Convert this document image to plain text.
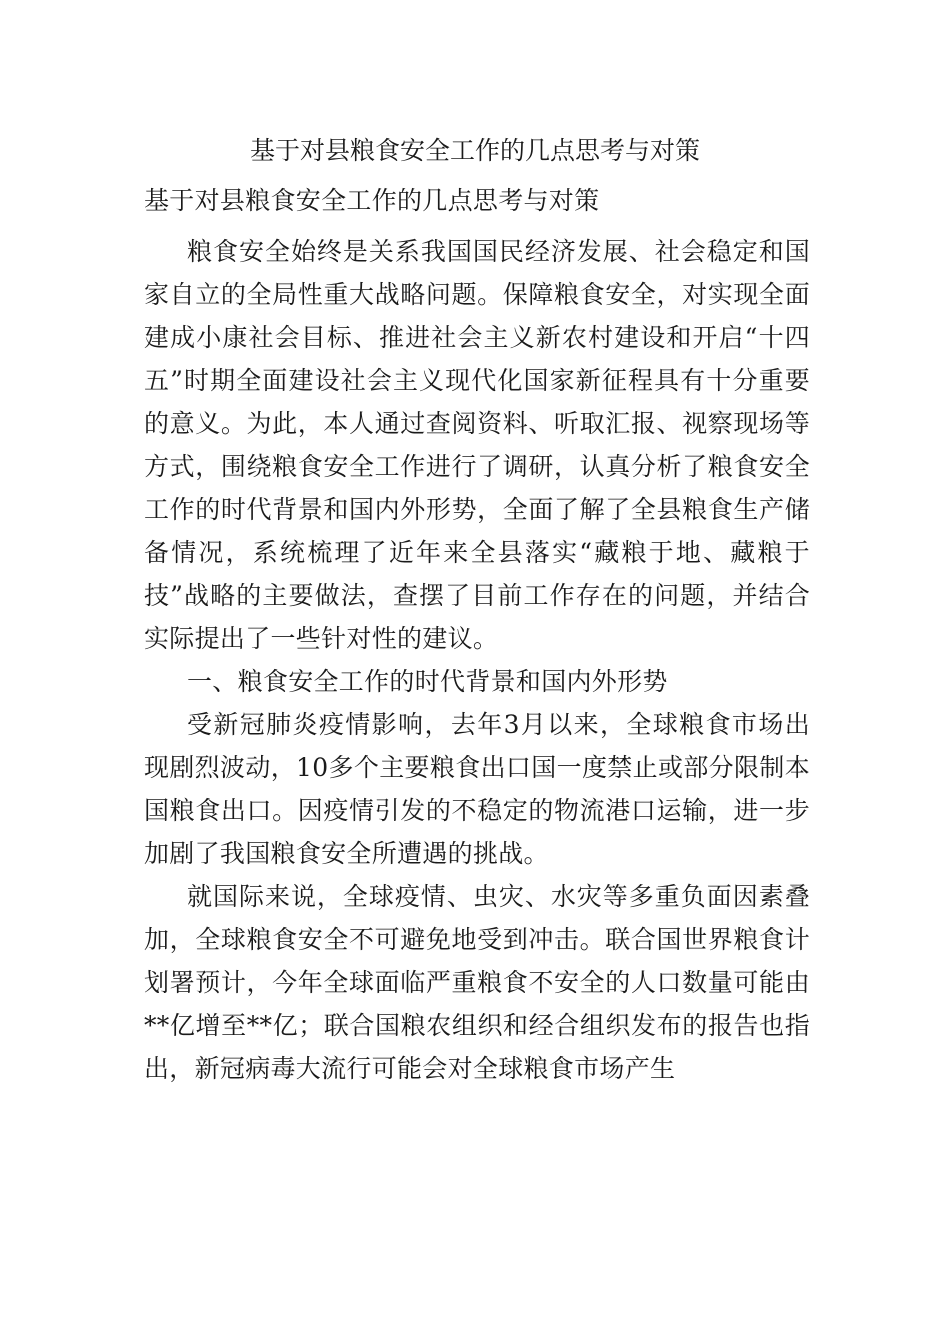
基于对县粮食安全工作的几点思考与对策
基于对县粮食安全工作的几点思考与对策

粮食安全始终是关系我国国民经济发展、社会稳定和国家自立的全局性重大战略问题。保障粮食安全，对实现全面建成小康社会目标、推进社会主义新农村建设和开启“十四五”时期全面建设社会主义现代化国家新征程具有十分重要的意义。为此，本人通过查阅资料、听取汇报、视察现场等方式，围绕粮食安全工作进行了调研，认真分析了粮食安全工作的时代背景和国内外形势，全面了解了全县粮食生产储备情况，系统梳理了近年来全县落实“藏粮于地、藏粮于技”战略的主要做法，查摆了目前工作存在的问题，并结合实际提出了一些针对性的建议。

一、粮食安全工作的时代背景和国内外形势

受新冠肺炎疫情影响，去年3月以来，全球粮食市场出现剧烈波动，10多个主要粮食出口国一度禁止或部分限制本国粮食出口。因疫情引发的不稳定的物流港口运输，进一步加剧了我国粮食安全所遭遇的挑战。

就国际来说，全球疫情、虫灾、水灾等多重负面因素叠加，全球粮食安全不可避免地受到冲击。联合国世界粮食计划署预计，今年全球面临严重粮食不安全的人口数量可能由**亿增至**亿；联合国粮农组织和经合组织发布的报告也指出，新冠病毒大流行可能会对全球粮食市场产生
